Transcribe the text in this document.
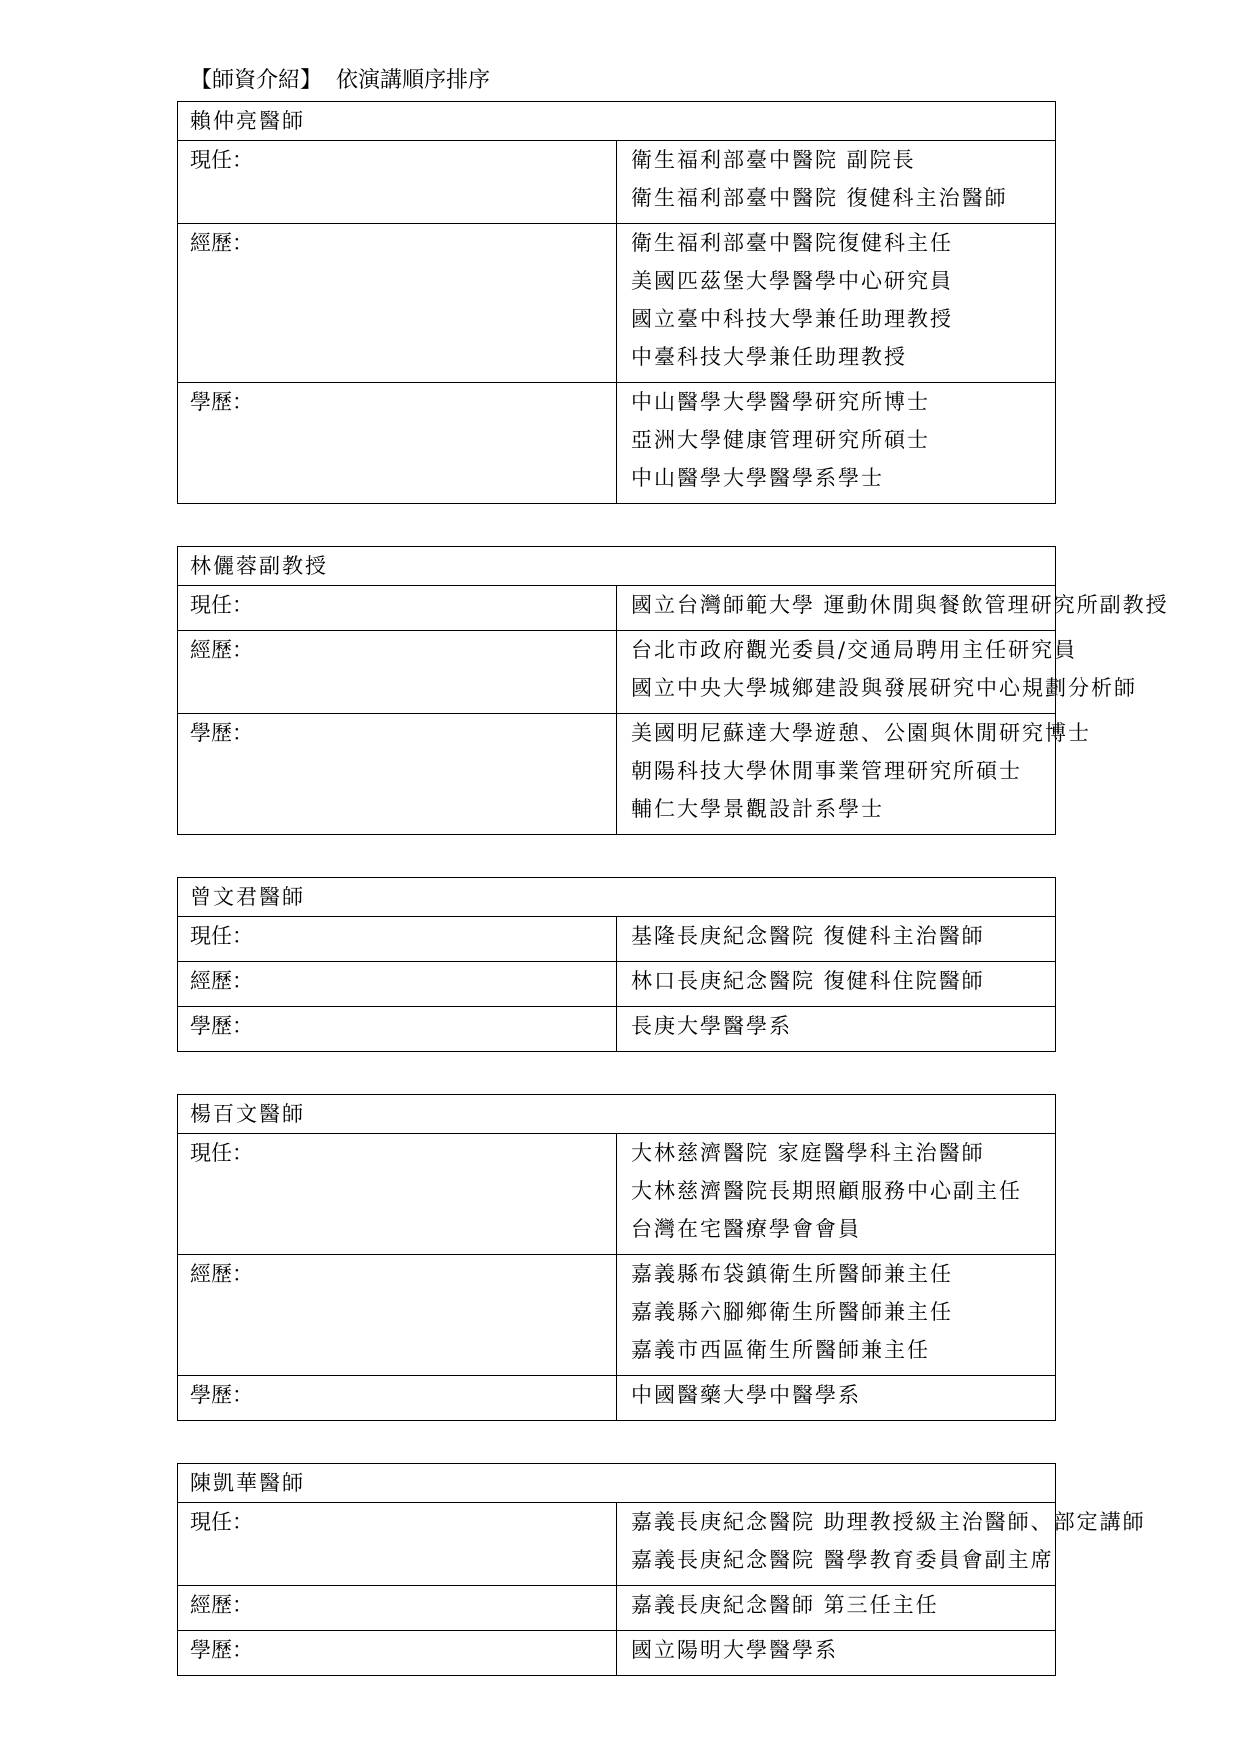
【師資介紹】 依演講順序排序
賴仲亮醫師	
現任：	衛生福利部臺中醫院 副院長
衛生福利部臺中醫院 復健科主治醫師

經歷：	衛生福利部臺中醫院復健科主任
美國匹茲堡大學醫學中心研究員
國立臺中科技大學兼任助理教授
中臺科技大學兼任助理教授

學歷：	中山醫學大學醫學研究所博士
亞洲大學健康管理研究所碩士
中山醫學大學醫學系學士
林儷蓉副教授	
現任：	國立台灣師範大學 運動休閒與餐飲管理研究所副教授

經歷：	台北市政府觀光委員/交通局聘用主任研究員
國立中央大學城鄉建設與發展研究中心規劃分析師

學歷：	美國明尼蘇達大學遊憩、公園與休閒研究博士
朝陽科技大學休閒事業管理研究所碩士
輔仁大學景觀設計系學士
曾文君醫師	
現任：	基隆長庚紀念醫院 復健科主治醫師

經歷：	林口長庚紀念醫院 復健科住院醫師

學歷：	長庚大學醫學系
楊百文醫師	
現任：	大林慈濟醫院 家庭醫學科主治醫師
大林慈濟醫院長期照顧服務中心副主任
台灣在宅醫療學會會員

經歷：	嘉義縣布袋鎮衛生所醫師兼主任
嘉義縣六腳鄉衛生所醫師兼主任
嘉義市西區衛生所醫師兼主任

學歷：	中國醫藥大學中醫學系
陳凱華醫師	
現任：	嘉義長庚紀念醫院 助理教授級主治醫師、部定講師
嘉義長庚紀念醫院 醫學教育委員會副主席

經歷：	嘉義長庚紀念醫師 第三任主任

學歷：	國立陽明大學醫學系
